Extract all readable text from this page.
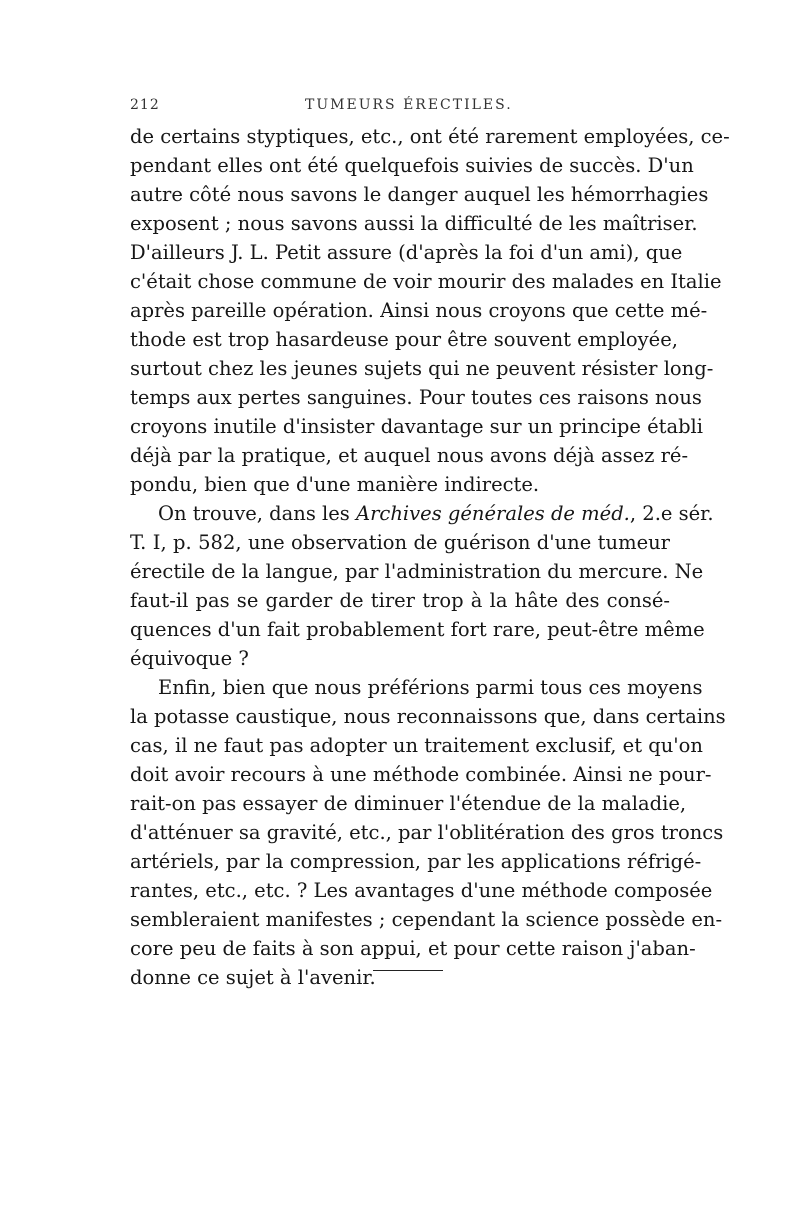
212	TUMEURS ÉRECTILES.
de certains styptiques, etc., ont été rarement employées, ce-
pendant elles ont été quelquefois suivies de succès. D'un
autre côté nous savons le danger auquel les hémorrhagies
exposent ; nous savons aussi la difficulté de les maîtriser.
D'ailleurs J. L. Petit assure (d'après la foi d'un ami), que
c'était chose commune de voir mourir des malades en Italie
après pareille opération. Ainsi nous croyons que cette mé-
thode est trop hasardeuse pour être souvent employée,
surtout chez les jeunes sujets qui ne peuvent résister long-
temps aux pertes sanguines. Pour toutes ces raisons nous
croyons inutile d'insister davantage sur un principe établi
déjà par la pratique, et auquel nous avons déjà assez ré-
pondu, bien que d'une manière indirecte.
On trouve, dans les Archives générales de méd., 2.e sér.
T. I, p. 582, une observation de guérison d'une tumeur
érectile de la langue, par l'administration du mercure. Ne
faut-il pas se garder de tirer trop à la hâte des consé-
quences d'un fait probablement fort rare, peut-être même
équivoque ?
Enfin, bien que nous préférions parmi tous ces moyens
la potasse caustique, nous reconnaissons que, dans certains
cas, il ne faut pas adopter un traitement exclusif, et qu'on
doit avoir recours à une méthode combinée. Ainsi ne pour-
rait-on pas essayer de diminuer l'étendue de la maladie,
d'atténuer sa gravité, etc., par l'oblitération des gros troncs
artériels, par la compression, par les applications réfrigé-
rantes, etc., etc. ? Les avantages d'une méthode composée
sembleraient manifestes ; cependant la science possède en-
core peu de faits à son appui, et pour cette raison j'aban-
donne ce sujet à l'avenir.
